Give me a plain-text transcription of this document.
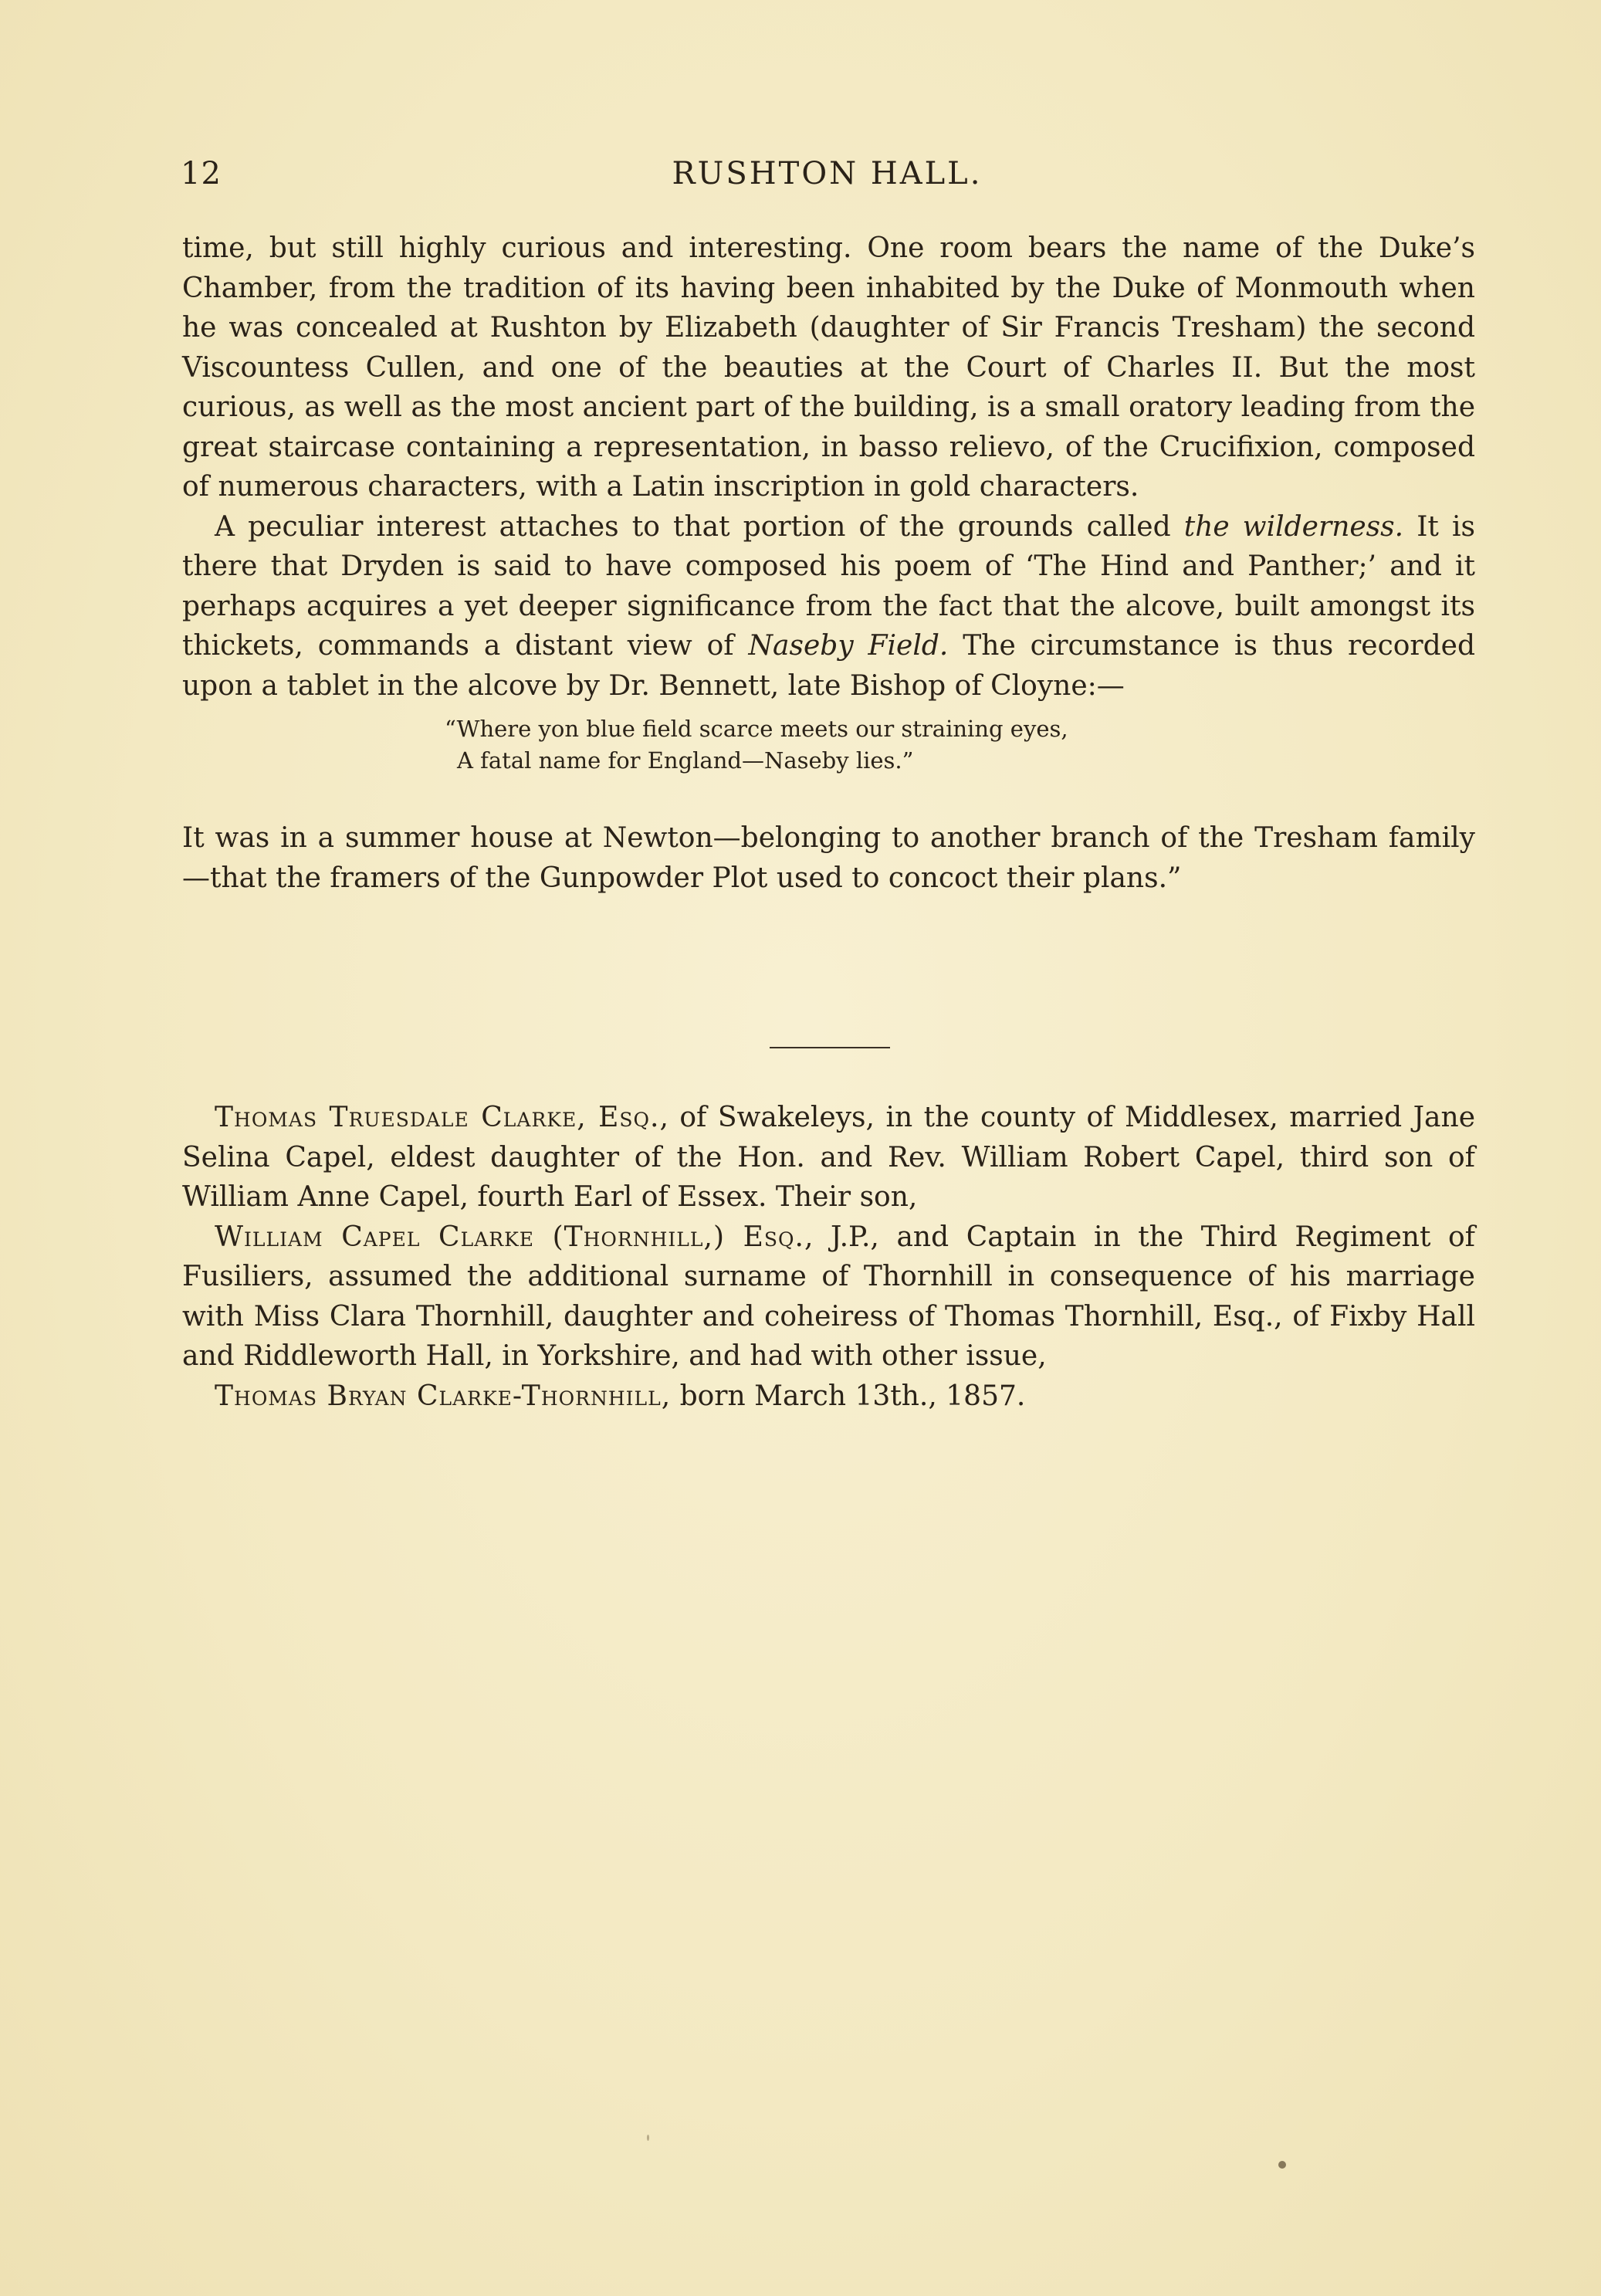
12	RUSHTON HALL.

time, but still highly curious and interesting. One room bears the name of the Duke’s Chamber, from the tradition of its having been inhabited by the Duke of Monmouth when he was concealed at Rushton by Elizabeth (daughter of Sir Francis Tresham) the second Viscountess Cullen, and one of the beauties at the Court of Charles II. But the most curious, as well as the most ancient part of the building, is a small oratory leading from the great staircase containing a representation, in basso relievo, of the Crucifixion, composed of numerous characters, with a Latin inscription in gold characters.

A peculiar interest attaches to that portion of the grounds called the wilderness. It is there that Dryden is said to have composed his poem of ‘The Hind and Panther;’ and it perhaps acquires a yet deeper significance from the fact that the alcove, built amongst its thickets, commands a distant view of Naseby Field. The circumstance is thus recorded upon a tablet in the alcove by Dr. Bennett, late Bishop of Cloyne:—

“Where yon blue field scarce meets our straining eyes,
A fatal name for England—Naseby lies.”

It was in a summer house at Newton—belonging to another branch of the Tresham family—that the framers of the Gunpowder Plot used to concoct their plans.”

Thomas Truesdale Clarke, Esq., of Swakeleys, in the county of Middlesex, married Jane Selina Capel, eldest daughter of the Hon. and Rev. William Robert Capel, third son of William Anne Capel, fourth Earl of Essex. Their son,

William Capel Clarke (Thornhill,) Esq., J.P., and Captain in the Third Regiment of Fusiliers, assumed the additional surname of Thornhill in consequence of his marriage with Miss Clara Thornhill, daughter and coheiress of Thomas Thornhill, Esq., of Fixby Hall and Riddleworth Hall, in Yorkshire, and had with other issue,

Thomas Bryan Clarke-Thornhill, born March 13th., 1857.
